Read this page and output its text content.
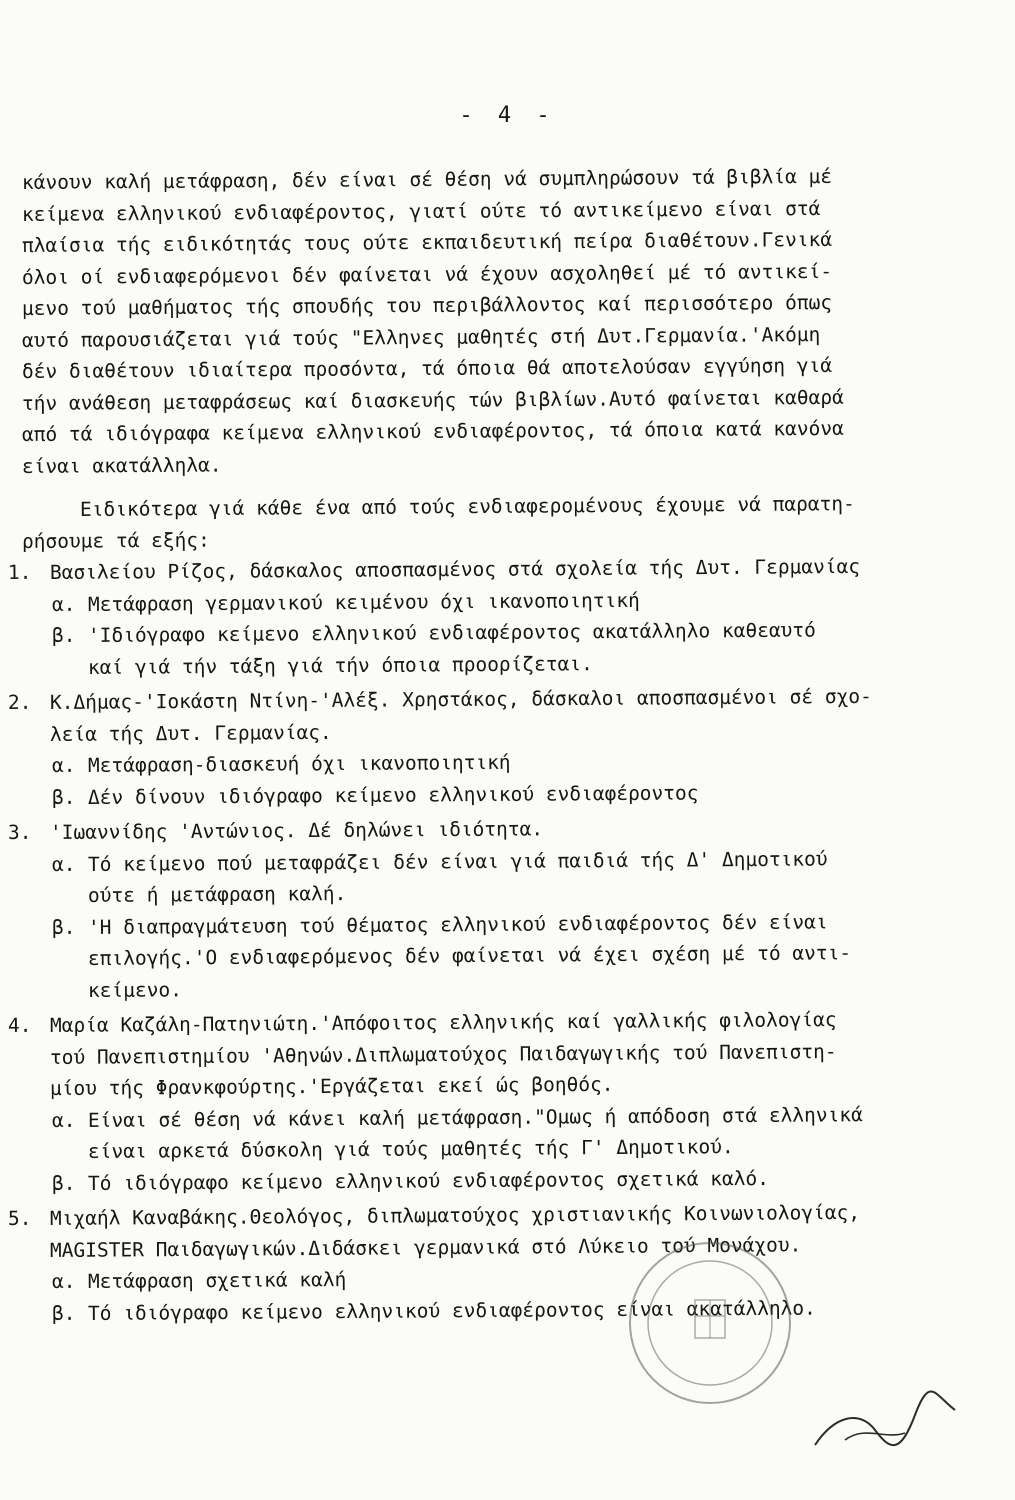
- 4 -
κάνουν καλή μετάφραση, δέν είναι σέ θέση νά συμπληρώσουν τά βιβλία μέ
κείμενα ελληνικού ενδιαφέροντος, γιατί ούτε τό αντικείμενο είναι στά
πλαίσια τής ειδικότητάς τους ούτε εκπαιδευτική πείρα διαθέτουν.Γενικά
όλοι οί ενδιαφερόμενοι δέν φαίνεται νά έχουν ασχοληθεί μέ τό αντικεί-
μενο τού μαθήματος τής σπουδής του περιβάλλοντος καί περισσότερο όπως
αυτό παρουσιάζεται γιά τούς "Ελληνες μαθητές στή Δυτ.Γερμανία.'Ακόμη
δέν διαθέτουν ιδιαίτερα προσόντα, τά όποια θά αποτελούσαν εγγύηση γιά
τήν ανάθεση μεταφράσεως καί διασκευής τών βιβλίων.Αυτό φαίνεται καθαρά
από τά ιδιόγραφα κείμενα ελληνικού ενδιαφέροντος, τά όποια κατά κανόνα
είναι ακατάλληλα.
Ειδικότερα γιά κάθε ένα από τούς ενδιαφερομένους έχουμε νά παρατη-
ρήσουμε τά εξής:
1. Βασιλείου Ρίζος, δάσκαλος αποσπασμένος στά σχολεία τής Δυτ. Γερμανίας
α. Μετάφραση γερμανικού κειμένου όχι ικανοποιητική
β. 'Ιδιόγραφο κείμενο ελληνικού ενδιαφέροντος ακατάλληλο καθεαυτό
καί γιά τήν τάξη γιά τήν όποια προορίζεται.
2. Κ.Δήμας-'Ιοκάστη Ντίνη-'Αλέξ. Χρηστάκος, δάσκαλοι αποσπασμένοι σέ σχο-
λεία τής Δυτ. Γερμανίας.
α. Μετάφραση-διασκευή όχι ικανοποιητική
β. Δέν δίνουν ιδιόγραφο κείμενο ελληνικού ενδιαφέροντος
3. 'Ιωαννίδης 'Αντώνιος. Δέ δηλώνει ιδιότητα.
α. Τό κείμενο πού μεταφράζει δέν είναι γιά παιδιά τής Δ' Δημοτικού
ούτε ή μετάφραση καλή.
β. 'Η διαπραγμάτευση τού θέματος ελληνικού ενδιαφέροντος δέν είναι
επιλογής.'Ο ενδιαφερόμενος δέν φαίνεται νά έχει σχέση μέ τό αντι-
κείμενο.
4. Μαρία Καζάλη-Πατηνιώτη.'Απόφοιτος ελληνικής καί γαλλικής φιλολογίας
τού Πανεπιστημίου 'Αθηνών.Διπλωματούχος Παιδαγωγικής τού Πανεπιστη-
μίου τής Φρανκφούρτης.'Εργάζεται εκεί ώς βοηθός.
α. Είναι σέ θέση νά κάνει καλή μετάφραση."Ομως ή απόδοση στά ελληνικά
είναι αρκετά δύσκολη γιά τούς μαθητές τής Γ' Δημοτικού.
β. Τό ιδιόγραφο κείμενο ελληνικού ενδιαφέροντος σχετικά καλό.
5. Μιχαήλ Καναβάκης.Θεολόγος, διπλωματούχος χριστιανικής Κοινωνιολογίας,
MAGISTER Παιδαγωγικών.Διδάσκει γερμανικά στό Λύκειο τού Μονάχου.
α. Μετάφραση σχετικά καλή
β. Τό ιδιόγραφο κείμενο ελληνικού ενδιαφέροντος είναι ακατάλληλο.
